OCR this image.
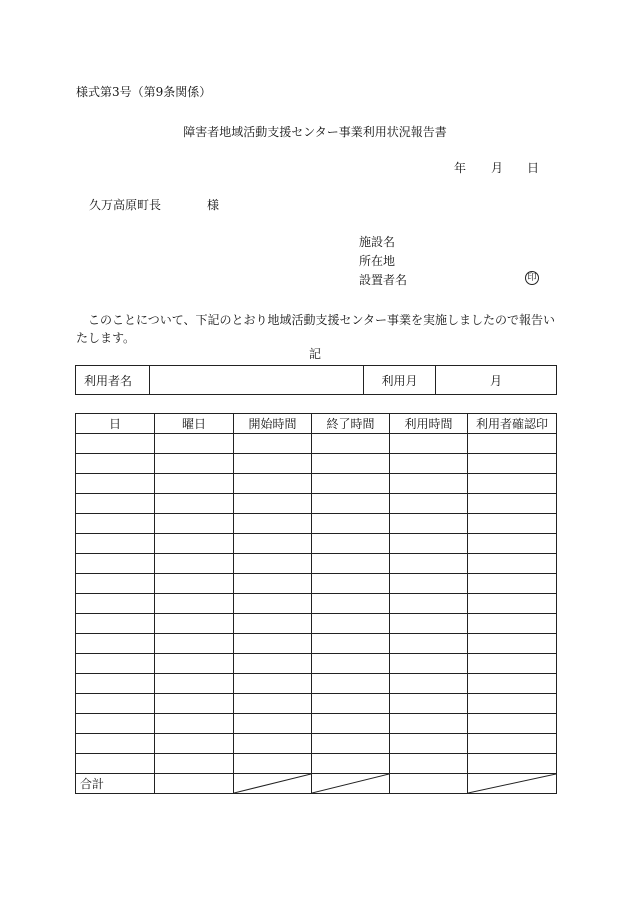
様式第3号（第9条関係）
障害者地域活動支援センター事業利用状況報告書
年 月 日
久万高原町長	様
施設名
所在地
設置者名	印
　このことについて、下記のとおり地域活動支援センター事業を実施しましたので報告いたします。
記
利用者名		利用月	月
日	曜日	開始時間	終了時間	利用時間	利用者確認印

合計		
